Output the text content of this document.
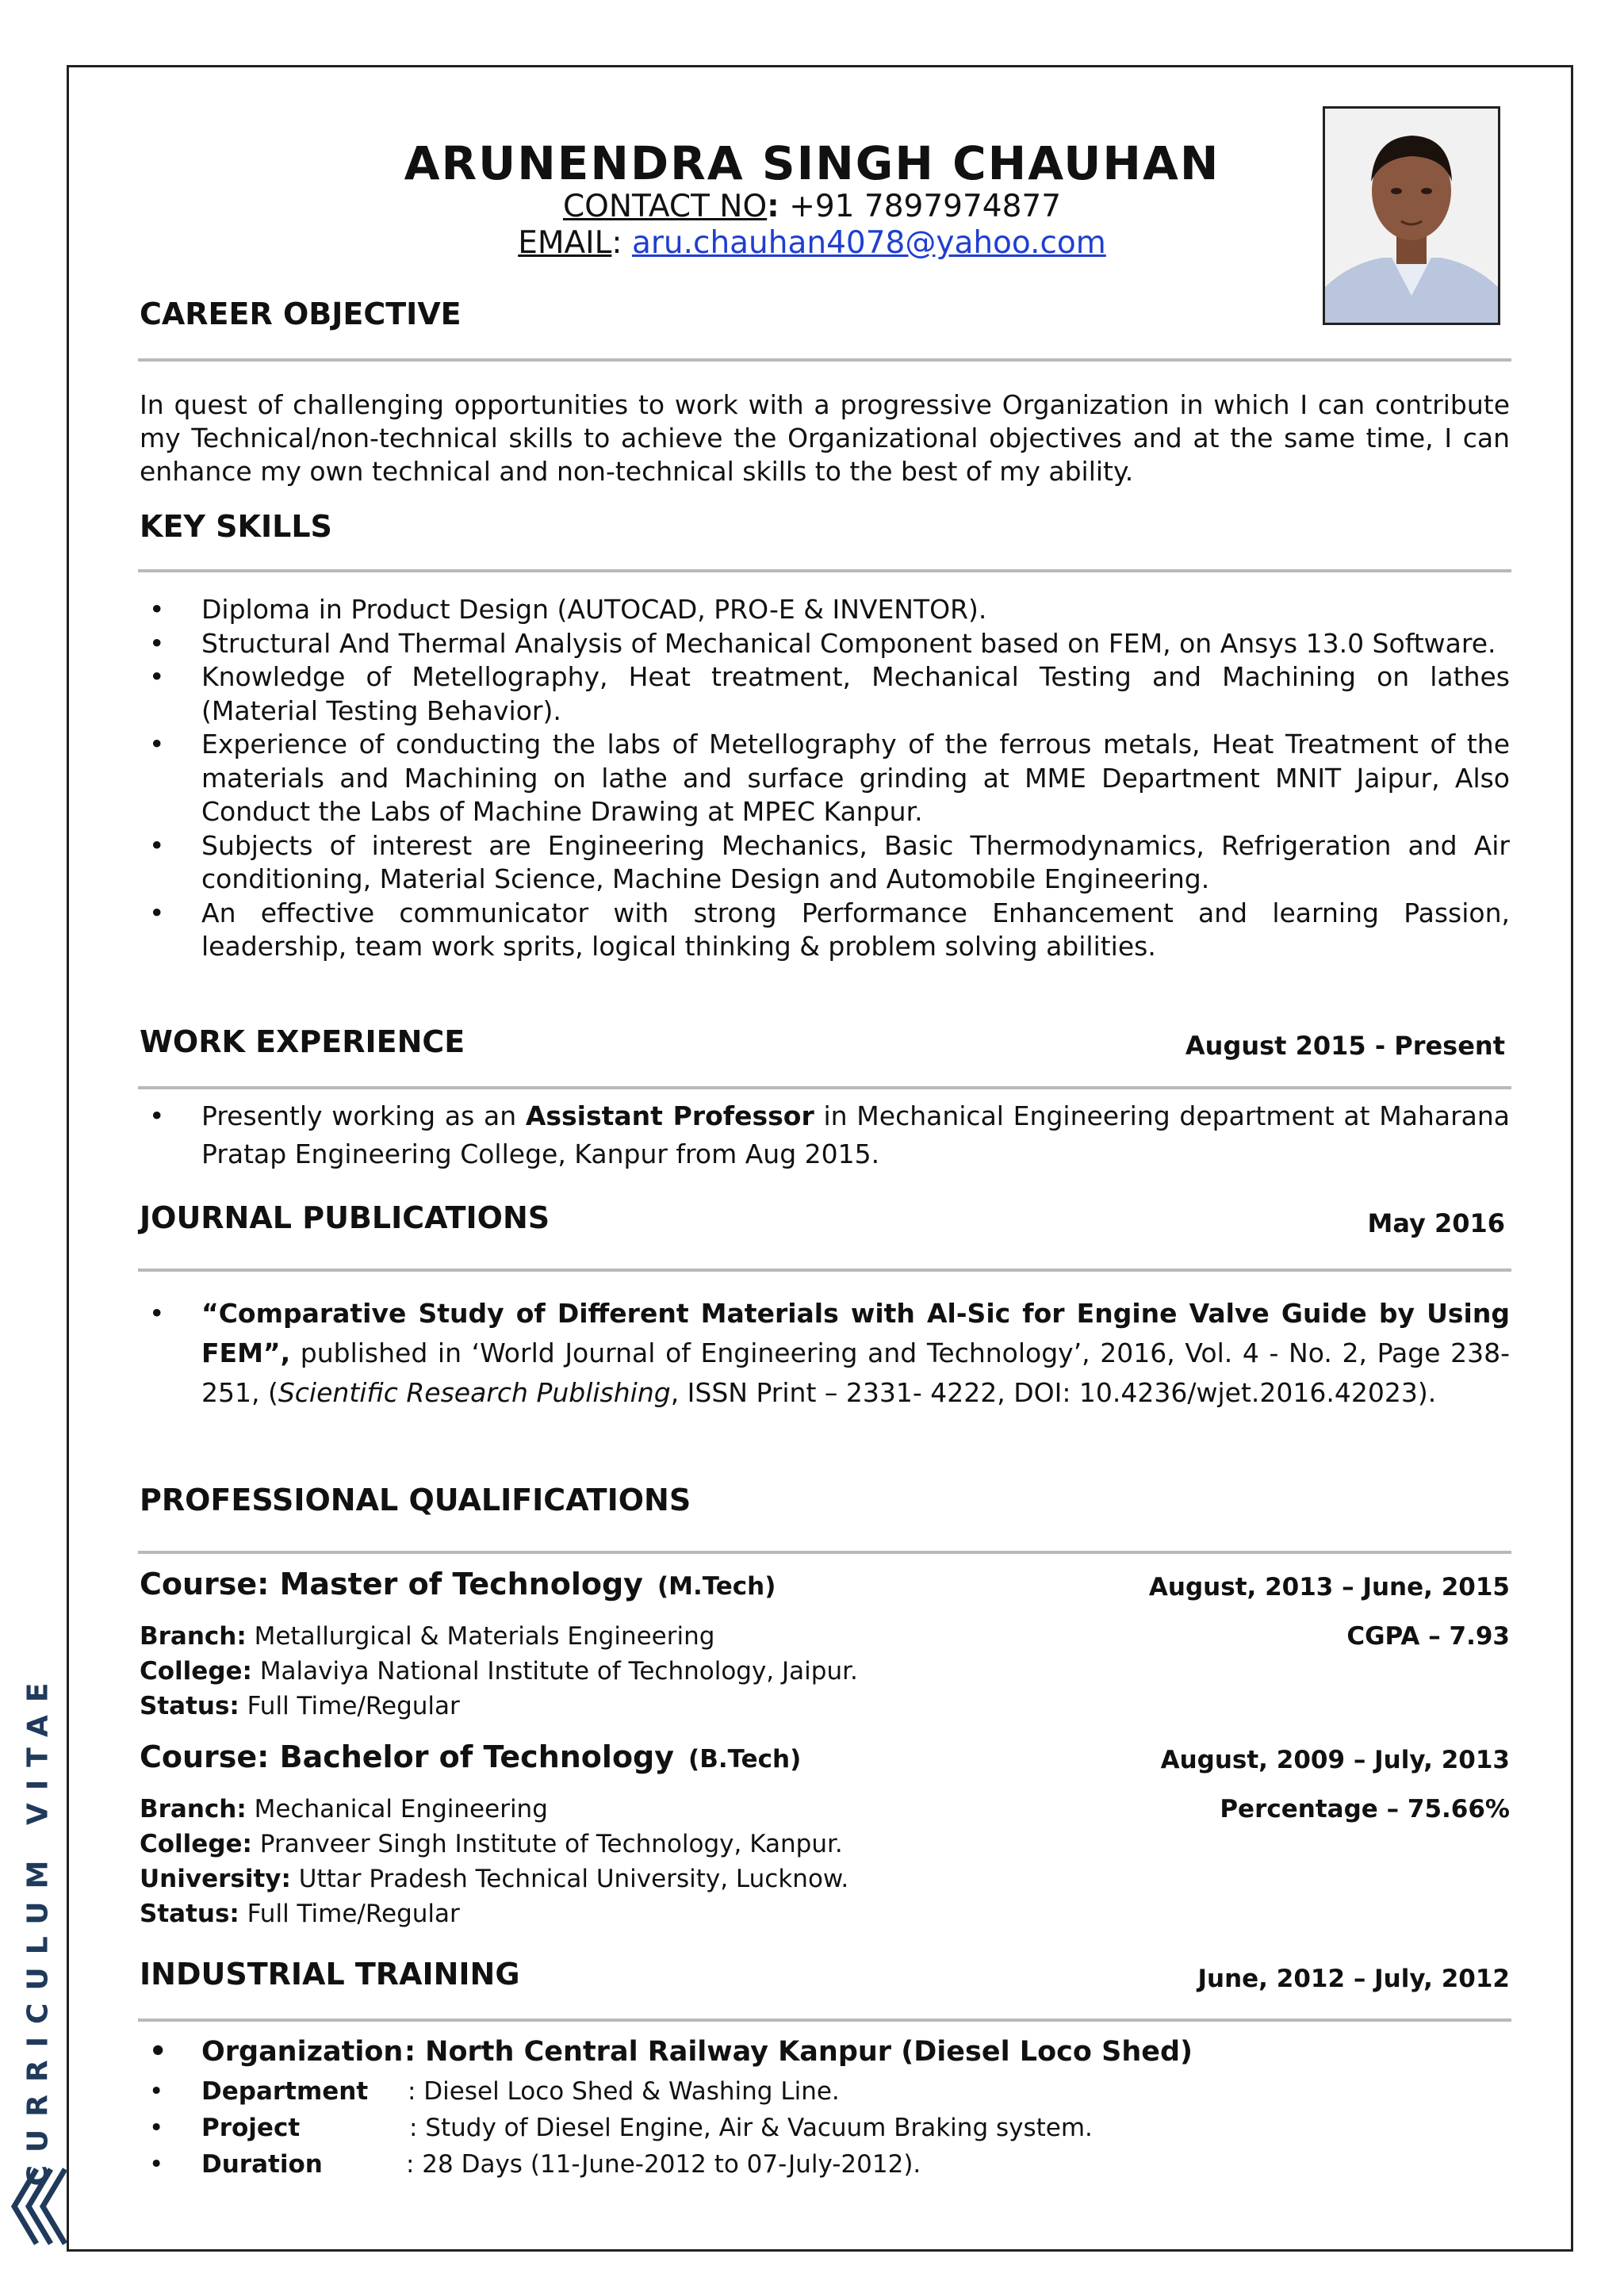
ARUNENDRA SINGH CHAUHAN
CONTACT NO: +91 7897974877
EMAIL: aru.chauhan4078@yahoo.com
CAREER OBJECTIVE
In quest of challenging opportunities to work with a progressive Organization in which I can contribute my Technical/non-technical skills to achieve the Organizational objectives and at the same time, I can enhance my own technical and non-technical skills to the best of my ability.
KEY SKILLS
• Diploma in Product Design (AUTOCAD, PRO-E & INVENTOR).
• Structural And Thermal Analysis of Mechanical Component based on FEM, on Ansys 13.0 Software.
• Knowledge of Metellography, Heat treatment, Mechanical Testing and Machining on lathes (Material Testing Behavior).
• Experience of conducting the labs of Metellography of the ferrous metals, Heat Treatment of the materials and Machining on lathe and surface grinding at MME Department MNIT Jaipur, Also Conduct the Labs of Machine Drawing at MPEC Kanpur.
• Subjects of interest are Engineering Mechanics, Basic Thermodynamics, Refrigeration and Air conditioning, Material Science, Machine Design and Automobile Engineering.
• An effective communicator with strong Performance Enhancement and learning Passion, leadership, team work sprits, logical thinking & problem solving abilities.
WORK EXPERIENCE	August 2015 - Present
• Presently working as an Assistant Professor in Mechanical Engineering department at Maharana Pratap Engineering College, Kanpur from Aug 2015.
JOURNAL PUBLICATIONS	May 2016
• “Comparative Study of Different Materials with Al-Sic for Engine Valve Guide by Using FEM”, published in ‘World Journal of Engineering and Technology’, 2016, Vol. 4 - No. 2, Page 238-251, (Scientific Research Publishing, ISSN Print – 2331- 4222, DOI: 10.4236/wjet.2016.42023).
PROFESSIONAL QUALIFICATIONS
Course: Master of Technology (M.Tech)	August, 2013 – June, 2015
Branch: Metallurgical & Materials Engineering	CGPA – 7.93
College: Malaviya National Institute of Technology, Jaipur.
Status: Full Time/Regular
Course: Bachelor of Technology (B.Tech)	August, 2009 – July, 2013
Branch: Mechanical Engineering	Percentage – 75.66%
College: Pranveer Singh Institute of Technology, Kanpur.
University: Uttar Pradesh Technical University, Lucknow.
Status: Full Time/Regular
INDUSTRIAL TRAINING	June, 2012 – July, 2012
• Organization : North Central Railway Kanpur (Diesel Loco Shed)
• Department : Diesel Loco Shed & Washing Line.
• Project	: Study of Diesel Engine, Air & Vacuum Braking system.
• Duration	: 28 Days (11-June-2012 to 07-July-2012).
CURRICULUM VITAE
